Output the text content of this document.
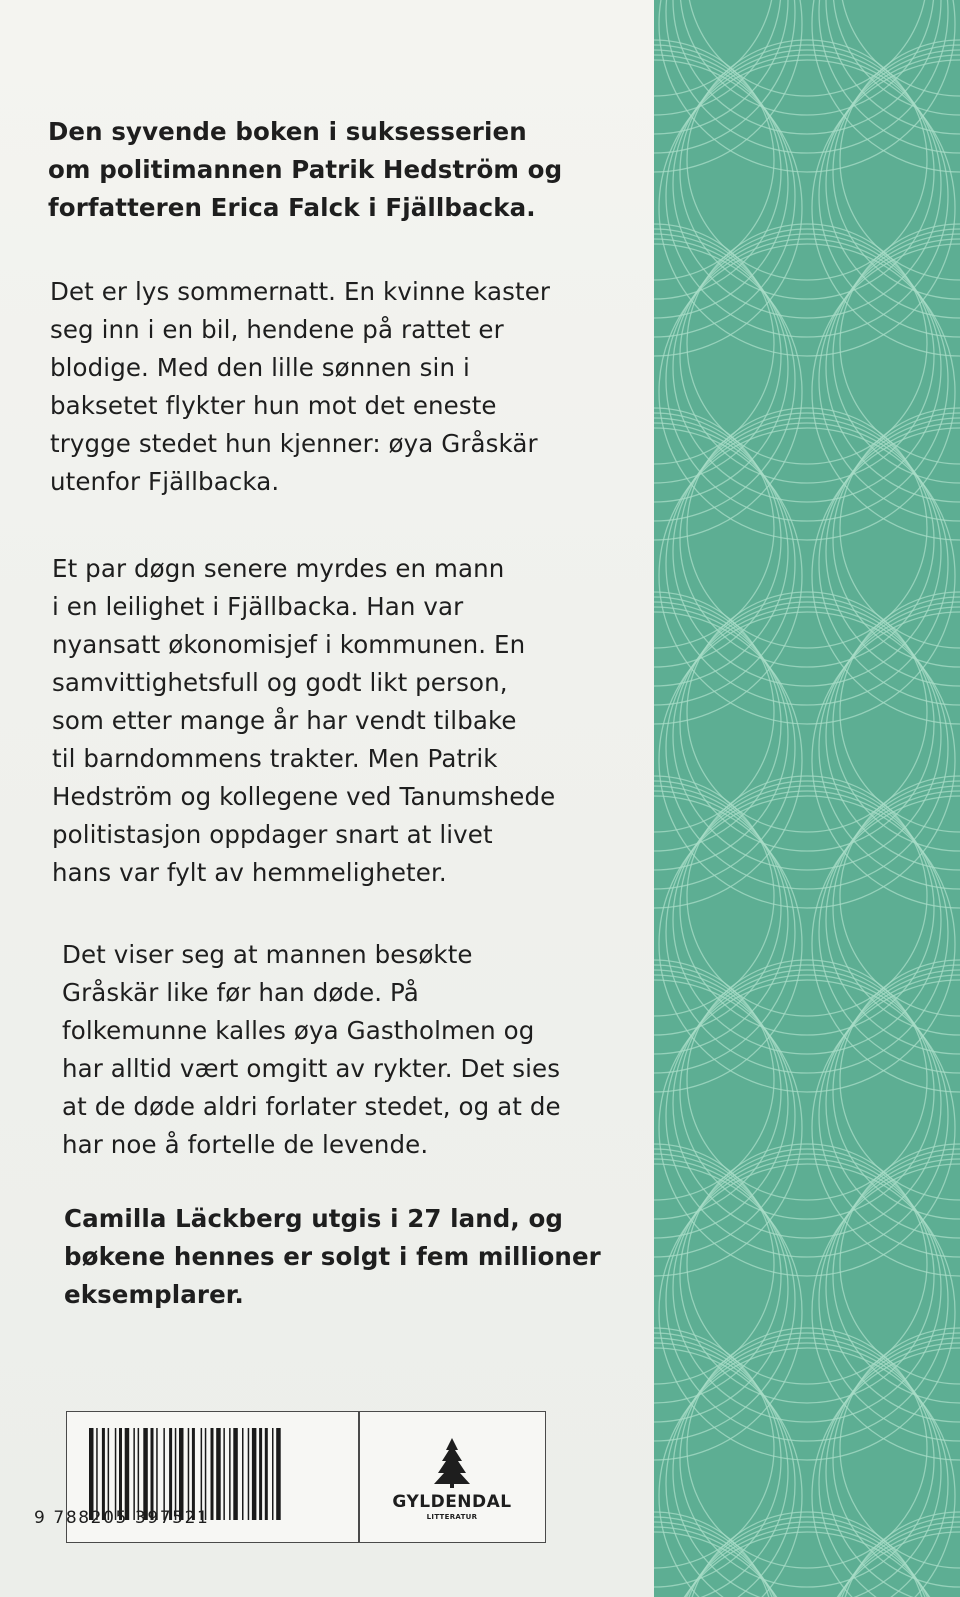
Den syvende boken i suksesserien
om politimannen Patrik Hedström og
forfatteren Erica Falck i Fjällbacka.
Det er lys sommernatt. En kvinne kaster
seg inn i en bil, hendene på rattet er
blodige. Med den lille sønnen sin i
baksetet flykter hun mot det eneste
trygge stedet hun kjenner: øya Gråskär
utenfor Fjällbacka.
Et par døgn senere myrdes en mann
i en leilighet i Fjällbacka. Han var
nyansatt økonomisjef i kommunen. En
samvittighetsfull og godt likt person,
som etter mange år har vendt tilbake
til barndommens trakter. Men Patrik
Hedström og kollegene ved Tanumshede
politistasjon oppdager snart at livet
hans var fylt av hemmeligheter.
Det viser seg at mannen besøkte
Gråskär like før han døde. På
folkemunne kalles øya Gastholmen og
har alltid vært omgitt av rykter. Det sies
at de døde aldri forlater stedet, og at de
har noe å fortelle de levende.
Camilla Läckberg utgis i 27 land, og
bøkene hennes er solgt i fem millioner
eksemplarer.
GYLDENDAL
LITTERATUR
9 788205 397521
